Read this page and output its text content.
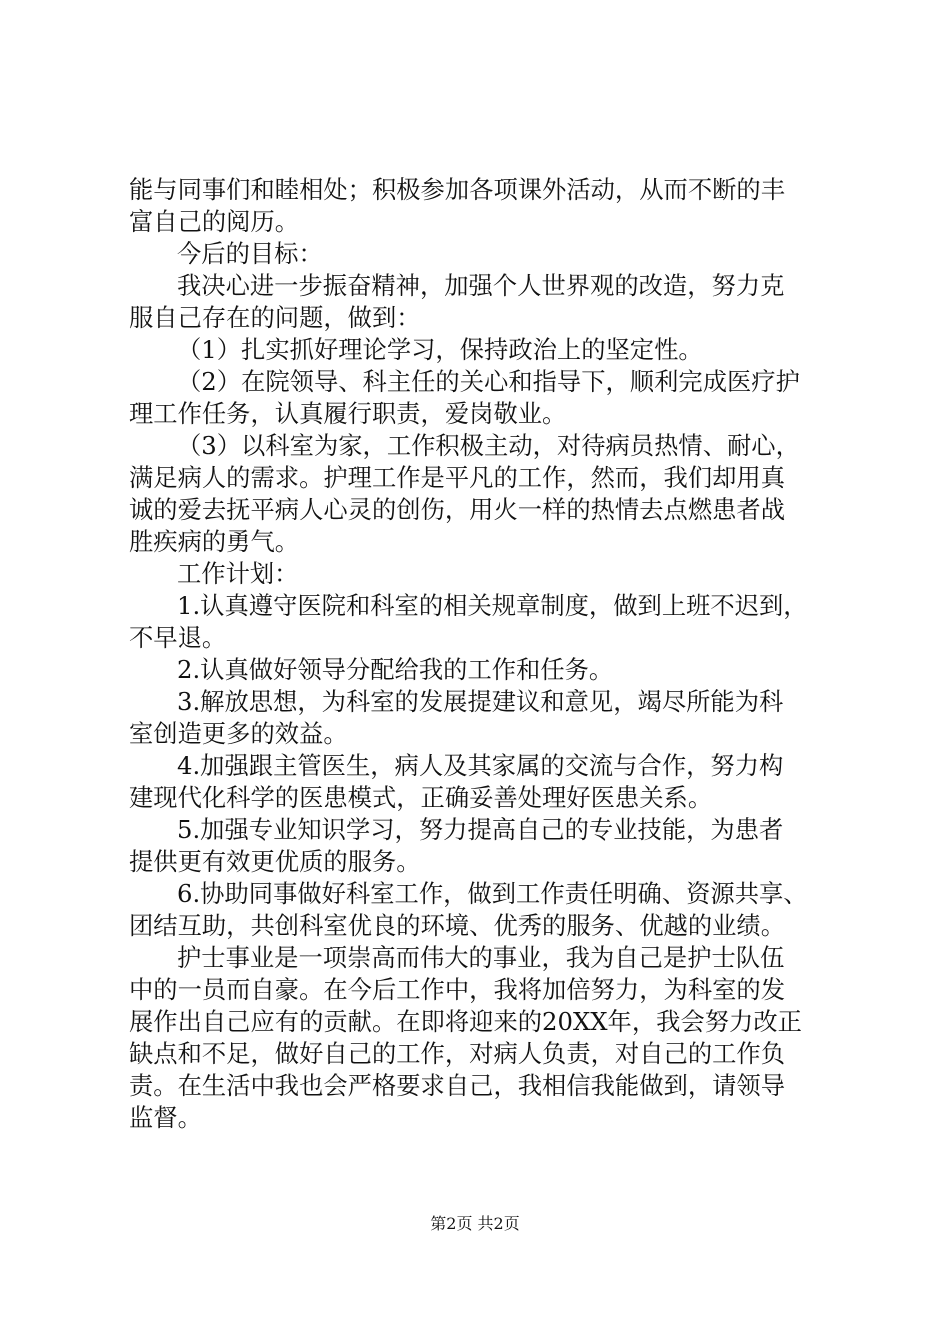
能与同事们和睦相处；积极参加各项课外活动，从而不断的丰
富自己的阅历。
今后的目标：
我决心进一步振奋精神，加强个人世界观的改造，努力克
服自己存在的问题，做到：
（1）扎实抓好理论学习，保持政治上的坚定性。
（2）在院领导、科主任的关心和指导下，顺利完成医疗护
理工作任务，认真履行职责，爱岗敬业。
（3）以科室为家，工作积极主动，对待病员热情、耐心，
满足病人的需求。护理工作是平凡的工作，然而，我们却用真
诚的爱去抚平病人心灵的创伤，用火一样的热情去点燃患者战
胜疾病的勇气。
工作计划：
1.认真遵守医院和科室的相关规章制度，做到上班不迟到，
不早退。
2.认真做好领导分配给我的工作和任务。
3.解放思想，为科室的发展提建议和意见，竭尽所能为科
室创造更多的效益。
4.加强跟主管医生，病人及其家属的交流与合作，努力构
建现代化科学的医患模式，正确妥善处理好医患关系。
5.加强专业知识学习，努力提高自己的专业技能，为患者
提供更有效更优质的服务。
6.协助同事做好科室工作，做到工作责任明确、资源共享、
团结互助，共创科室优良的环境、优秀的服务、优越的业绩。
护士事业是一项崇高而伟大的事业，我为自己是护士队伍
中的一员而自豪。在今后工作中，我将加倍努力，为科室的发
展作出自己应有的贡献。在即将迎来的20XX年，我会努力改正
缺点和不足，做好自己的工作，对病人负责，对自己的工作负
责。在生活中我也会严格要求自己，我相信我能做到，请领导
监督。
第2页 共2页
